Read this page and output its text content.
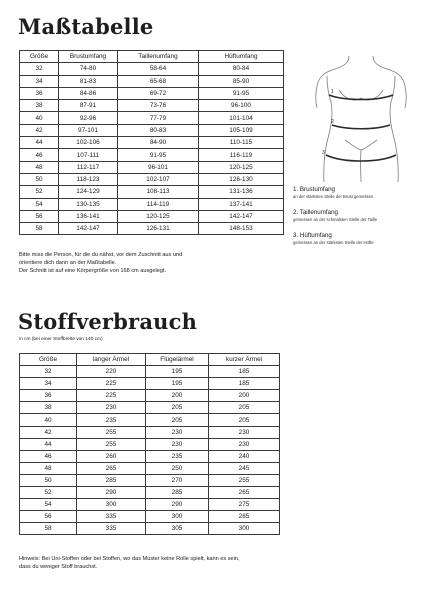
Maßtabelle
Größe	Brustumfang	Taillenumfang	Hüftumfang
32	74-80	58-64	80-84
34	81-83	65-68	85-90
36	84-86	69-72	91-95
38	87-91	73-76	96-100
40	92-96	77-79	101-104
42	97-101	80-83	105-109
44	102-106	84-90	110-115
46	107-111	91-95	116-119
48	112-117	96-101	120-125
50	118-123	102-107	126-130
52	124-129	108-113	131-136
54	130-135	114-119	137-141
56	136-141	120-125	142-147
58	142-147	126-131	148-153
Bitte miss die Person, für die du nähst, vor dem Zuschnitt aus und
orientiere dich dann an der Maßtabelle.
Der Schnitt ist auf eine Körpergröße von 168 cm ausgelegt.
1
2
3
1. Brustumfang
an der stärksten Stelle der Brust gemessen
2. Taillenumfang
gemessen an der schmalsten Stelle der Taille
3. Hüftumfang
gemessen an der stärksten Stelle der Hüfte
Stoffverbrauch
in cm (bei einer Stoffbreite von 140 cm)
Größe	langer Ärmel	Flügelärmel	kurzer Ärmel
32	220	195	185
34	225	195	185
36	225	200	200
38	230	205	205
40	235	205	205
42	255	230	230
44	255	230	230
46	260	235	240
48	265	250	245
50	285	270	255
52	290	285	265
54	300	290	275
56	335	300	285
58	335	305	300
Hinweis: Bei Uni-Stoffen oder bei Stoffen, wo das Muster keine Rolle spielt, kann es sein,
dass du weniger Stoff brauchst.
